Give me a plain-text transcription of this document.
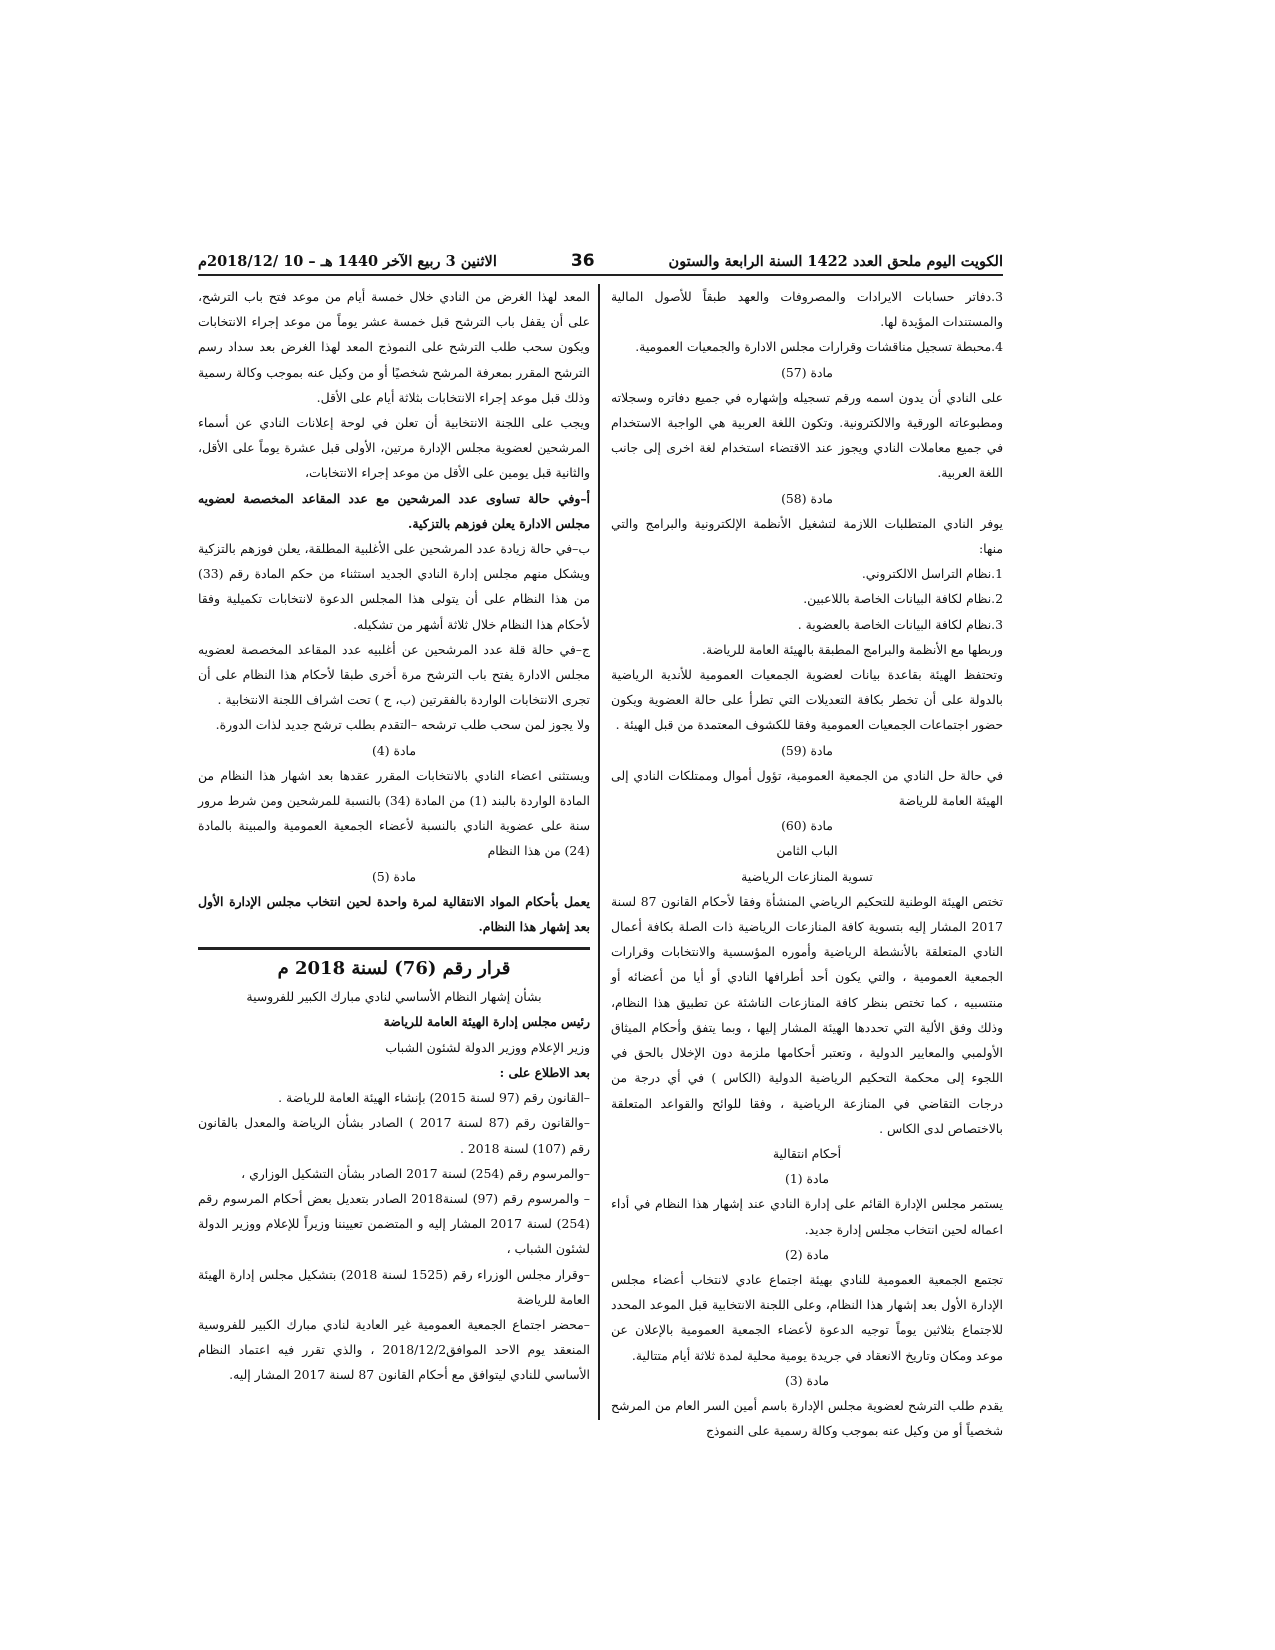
الكويت اليوم ملحق العدد 1422 السنة الرابعة والستون
36
الاثنين 3 ربيع الآخر 1440 هـ – 10 /2018/12م

3.دفاتر حسابات الايرادات والمصروفات والعهد طبقاً للأصول المالية والمستندات المؤيدة لها.

4.محبطة تسجيل مناقشات وقرارات مجلس الادارة والجمعيات العمومية.

مادة (57)

على النادي أن يدون اسمه ورقم تسجيله وإشهاره في جميع دفاتره وسجلاته ومطبوعاته الورقية والالكترونية. وتكون اللغة العربية هي الواجبة الاستخدام في جميع معاملات النادي ويجوز عند الاقتضاء استخدام لغة اخرى إلى جانب اللغة العربية.

مادة (58)

يوفر النادي المتطلبات اللازمة لتشغيل الأنظمة الإلكترونية والبرامج والتي منها:

1.نظام التراسل الالكتروني.

2.نظام لكافة البيانات الخاصة باللاعبين.

3.نظام لكافة البيانات الخاصة بالعضوية .

وربطها مع الأنظمة والبرامج المطبقة بالهيئة العامة للرياضة.

وتحتفظ الهيئة بقاعدة بيانات لعضوية الجمعيات العمومية للأندية الرياضية بالدولة على أن تخطر بكافة التعديلات التي تطرأ على حالة العضوية ويكون حضور اجتماعات الجمعيات العمومية وفقا للكشوف المعتمدة من قبل الهيئة .

مادة (59)

في حالة حل النادي من الجمعية العمومية، تؤول أموال وممتلكات النادي إلى الهيئة العامة للرياضة

مادة (60)

الباب الثامن

تسوية المنازعات الرياضية

تختص الهيئة الوطنية للتحكيم الرياضي المنشأة وفقا لأحكام القانون 87 لسنة 2017 المشار إليه بتسوية كافة المنازعات الرياضية ذات الصلة بكافة أعمال النادي المتعلقة بالأنشطة الرياضية وأموره المؤسسية والانتخابات وقرارات الجمعية العمومية ، والتي يكون أحد أطرافها النادي أو أيا من أعضائه أو منتسبيه ، كما تختص بنظر كافة المنازعات الناشئة عن تطبيق هذا النظام، وذلك وفق الألية التي تحددها الهيئة المشار إليها ، وبما يتفق وأحكام الميثاق الأولمبي والمعايير الدولية ، وتعتبر أحكامها ملزمة دون الإخلال بالحق في اللجوء إلى محكمة التحكيم الرياضية الدولية (الكاس ) في أي درجة من درجات التقاضي في المنازعة الرياضية ، وفقا للوائح والقواعد المتعلقة بالاختصاص لدى الكاس .

أحكام انتقالية

مادة (1)

يستمر مجلس الإدارة القائم على إدارة النادي عند إشهار هذا النظام في أداء اعماله لحين انتخاب مجلس إدارة جديد.

مادة (2)

تجتمع الجمعية العمومية للنادي بهيئة اجتماع عادي لانتخاب أعضاء مجلس الإدارة الأول بعد إشهار هذا النظام، وعلى اللجنة الانتخابية قبل الموعد المحدد للاجتماع بثلاثين يوماً توجيه الدعوة لأعضاء الجمعية العمومية بالإعلان عن موعد ومكان وتاريخ الانعقاد في جريدة يومية محلية لمدة ثلاثة أيام متتالية.

مادة (3)

يقدم طلب الترشح لعضوية مجلس الإدارة باسم أمين السر العام من المرشح شخصياً أو من وكيل عنه بموجب وكالة رسمية على النموذج

المعد لهذا الغرض من النادي خلال خمسة أيام من موعد فتح باب الترشح، على أن يقفل باب الترشح قبل خمسة عشر يوماً من موعد إجراء الانتخابات ويكون سحب طلب الترشح على النموذج المعد لهذا الغرض بعد سداد رسم الترشح المقرر بمعرفة المرشح شخصيًا أو من وكيل عنه بموجب وكالة رسمية وذلك قبل موعد إجراء الانتخابات بثلاثة أيام على الأقل.

ويجب على اللجنة الانتخابية أن تعلن في لوحة إعلانات النادي عن أسماء المرشحين لعضوية مجلس الإدارة مرتين، الأولى قبل عشرة يوماً على الأقل، والثانية قبل يومين على الأقل من موعد إجراء الانتخابات،

أ–وفي حالة تساوى عدد المرشحين مع عدد المقاعد المخصصة لعضويه مجلس الادارة يعلن فوزهم بالتزكية.

ب–في حالة زيادة عدد المرشحين على الأغلبية المطلقة، يعلن فوزهم بالتزكية ويشكل منهم مجلس إدارة النادي الجديد استثناء من حكم المادة رقم (33) من هذا النظام على أن يتولى هذا المجلس الدعوة لانتخابات تكميلية وفقا لأحكام هذا النظام خلال ثلاثة أشهر من تشكيله.

ج–في حالة قلة عدد المرشحين عن أغلبيه عدد المقاعد المخصصة لعضويه مجلس الادارة يفتح باب الترشح مرة أخرى طبقا لأحكام هذا النظام على أن تجرى الانتخابات الواردة بالفقرتين (ب، ج ) تحت اشراف اللجنة الانتخابية .

ولا يجوز لمن سحب طلب ترشحه –التقدم بطلب ترشح جديد لذات الدورة.

مادة (4)

ويستثنى اعضاء النادي بالانتخابات المقرر عقدها بعد اشهار هذا النظام من المادة الواردة بالبند (1) من المادة (34) بالنسبة للمرشحين ومن شرط مرور سنة على عضوية النادي بالنسبة لأعضاء الجمعية العمومية والمبينة بالمادة (24) من هذا النظام

مادة (5)

يعمل بأحكام المواد الانتقالية لمرة واحدة لحين انتخاب مجلس الإدارة الأول بعد إشهار هذا النظام.

قرار رقم (76) لسنة 2018 م

بشأن إشهار النظام الأساسي لنادي مبارك الكبير للفروسية

رئيس مجلس إدارة الهيئة العامة للرياضة

وزير الإعلام ووزير الدولة لشئون الشباب

بعد الاطلاع على :

–القانون رقم (97 لسنة 2015) بإنشاء الهيئة العامة للرياضة .

–والقانون رقم (87 لسنة 2017 ) الصادر بشأن الرياضة والمعدل بالقانون رقم (107) لسنة 2018 .

–والمرسوم رقم (254) لسنة 2017 الصادر بشأن التشكيل الوزاري ،

– والمرسوم رقم (97) لسنة2018 الصادر بتعديل بعض أحكام المرسوم رقم (254) لسنة 2017 المشار إليه و المتضمن تعييننا وزيراً للإعلام ووزير الدولة لشئون الشباب ،

–وقرار مجلس الوزراء رقم (1525 لسنة 2018) بتشكيل مجلس إدارة الهيئة العامة للرياضة

–محضر اجتماع الجمعية العمومية غير العادية لنادي مبارك الكبير للفروسية المنعقد يوم الاحد الموافق2018/12/2 ، والذي تقرر فيه اعتماد النظام الأساسي للنادي ليتوافق مع أحكام القانون 87 لسنة 2017 المشار إليه.
